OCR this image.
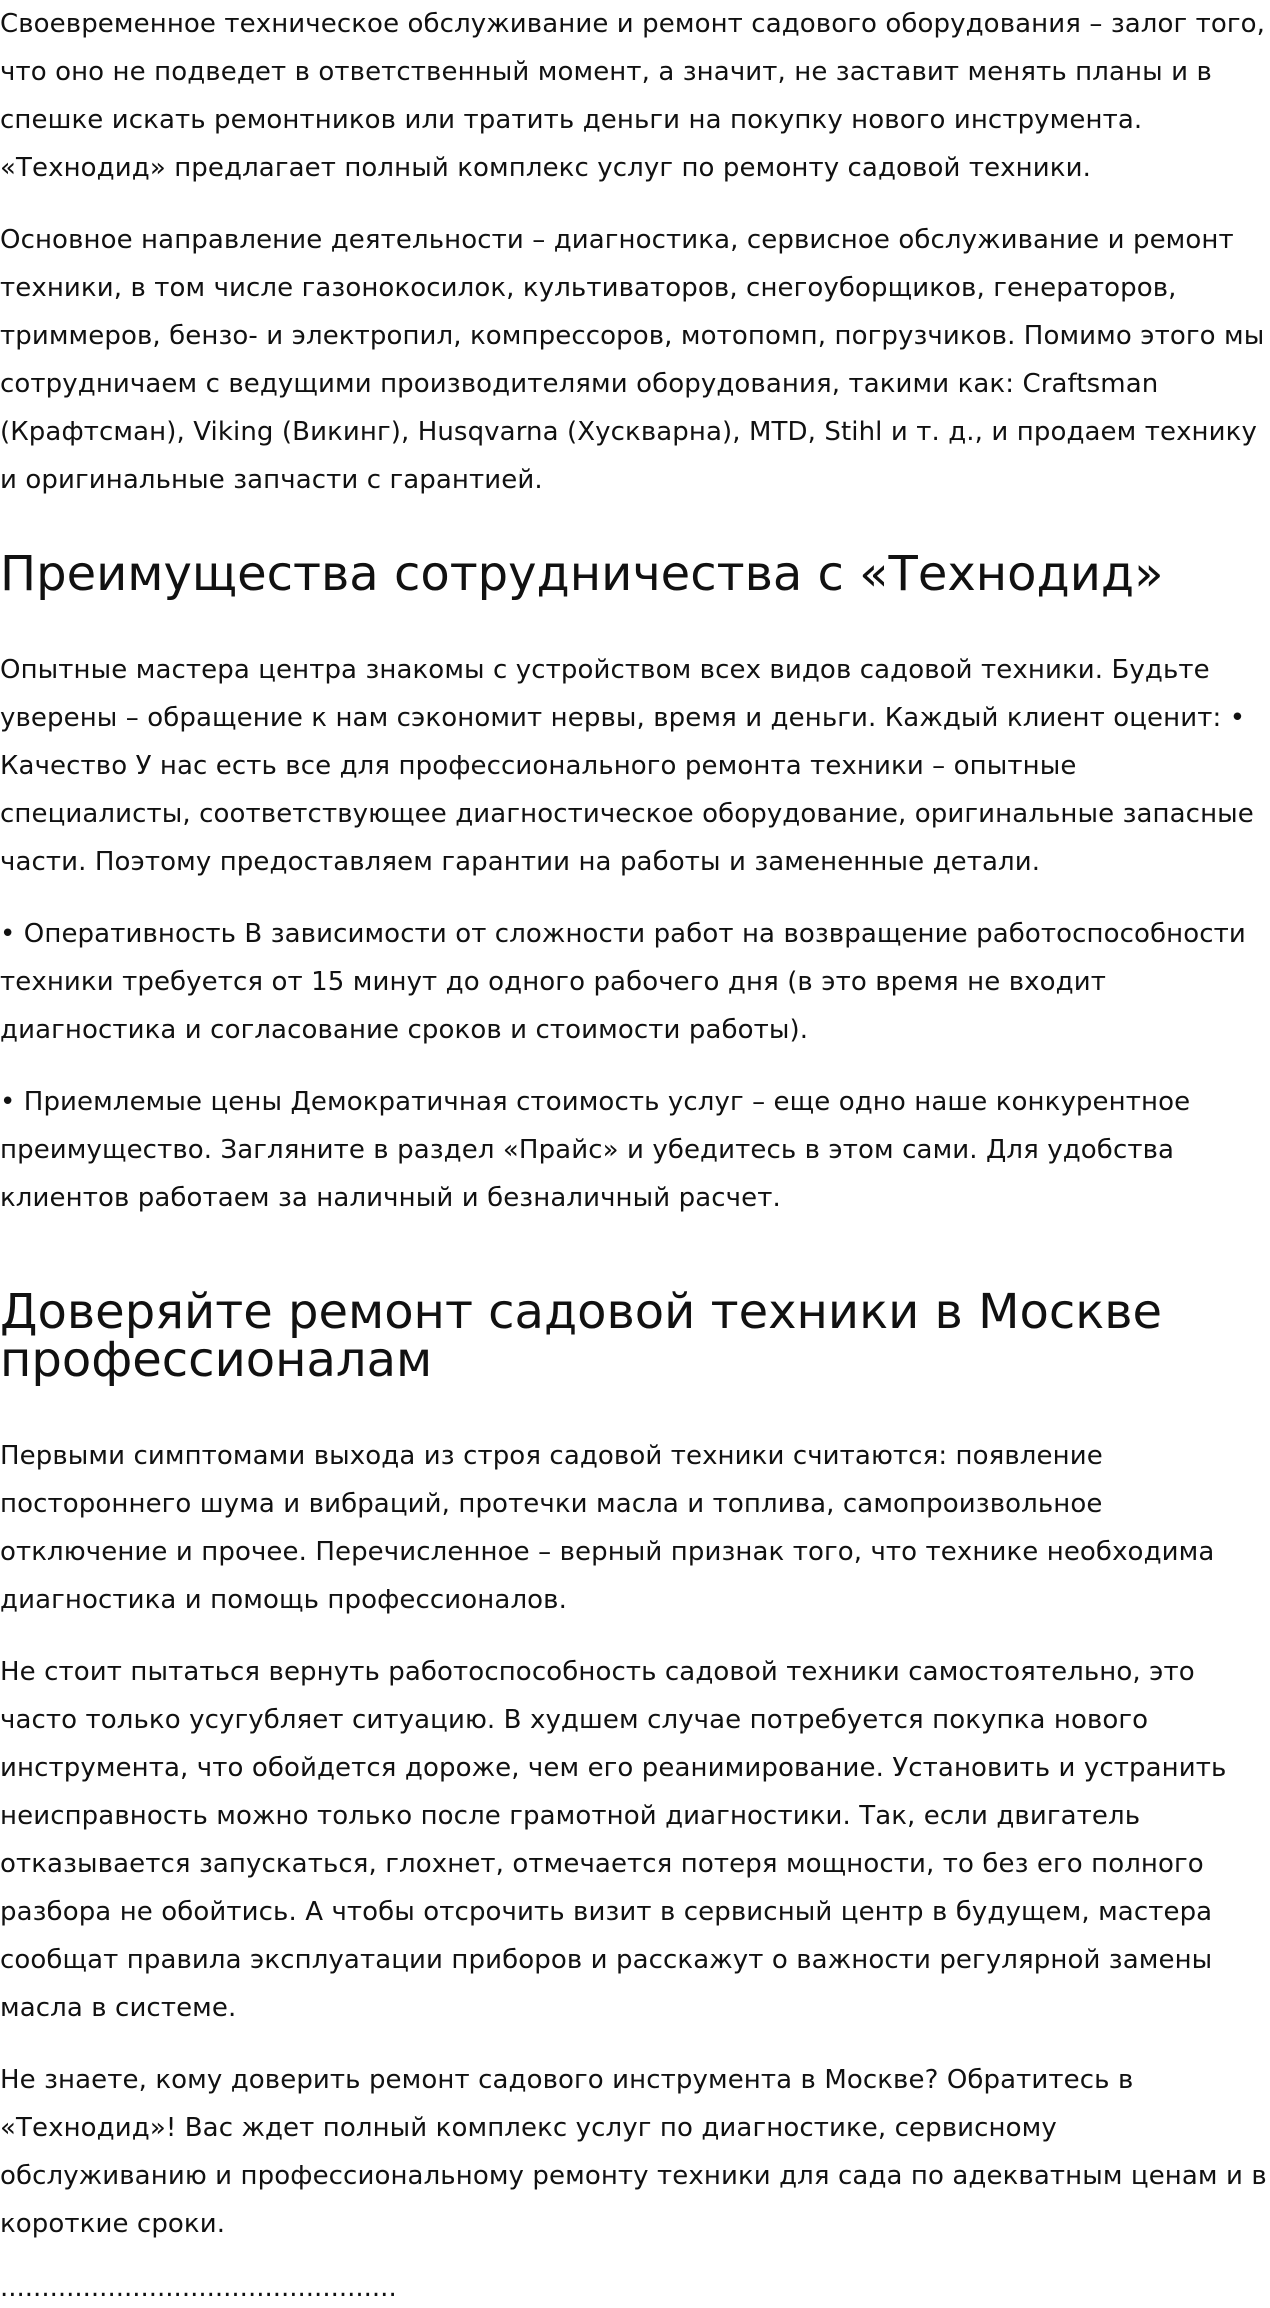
Своевременное техническое обслуживание и ремонт садового оборудования – залог того, что оно не подведет в ответственный момент, а значит, не заставит менять планы и в спешке искать ремонтников или тратить деньги на покупку нового инструмента. «Технодид» предлагает полный комплекс услуг по ремонту садовой техники.

Основное направление деятельности – диагностика, сервисное обслуживание и ремонт техники, в том числе газонокосилок, культиваторов, снегоуборщиков, генераторов, триммеров, бензо- и электропил, компрессоров, мотопомп, погрузчиков. Помимо этого мы сотрудничаем с ведущими производителями оборудования, такими как: Craftsman (Крафтсман), Viking (Викинг), Husqvarna (Хускварна), MTD, Stihl и т. д., и продаем технику и оригинальные запчасти с гарантией.

Преимущества сотрудничества с «Технодид»

Опытные мастера центра знакомы с устройством всех видов садовой техники. Будьте уверены – обращение к нам сэкономит нервы, время и деньги. Каждый клиент оценит: • Качество У нас есть все для профессионального ремонта техники – опытные специалисты, соответствующее диагностическое оборудование, оригинальные запасные части. Поэтому предоставляем гарантии на работы и замененные детали.

• Оперативность В зависимости от сложности работ на возвращение работоспособности техники требуется от 15 минут до одного рабочего дня (в это время не входит диагностика и согласование сроков и стоимости работы).

• Приемлемые цены Демократичная стоимость услуг – еще одно наше конкурентное преимущество. Загляните в раздел «Прайс» и убедитесь в этом сами. Для удобства клиентов работаем за наличный и безналичный расчет.

Доверяйте ремонт садовой техники в Москве профессионалам

Первыми симптомами выхода из строя садовой техники считаются: появление постороннего шума и вибраций, протечки масла и топлива, самопроизвольное отключение и прочее. Перечисленное – верный признак того, что технике необходима диагностика и помощь профессионалов.

Не стоит пытаться вернуть работоспособность садовой техники самостоятельно, это часто только усугубляет ситуацию. В худшем случае потребуется покупка нового инструмента, что обойдется дороже, чем его реанимирование. Установить и устранить неисправность можно только после грамотной диагностики. Так, если двигатель отказывается запускаться, глохнет, отмечается потеря мощности, то без его полного разбора не обойтись. А чтобы отсрочить визит в сервисный центр в будущем, мастера сообщат правила эксплуатации приборов и расскажут о важности регулярной замены масла в системе.

Не знаете, кому доверить ремонт садового инструмента в Москве? Обратитесь в «Технодид»! Вас ждет полный комплекс услуг по диагностике, сервисному обслуживанию и профессиональному ремонту техники для сада по адекватным ценам и в короткие сроки.

................................................
